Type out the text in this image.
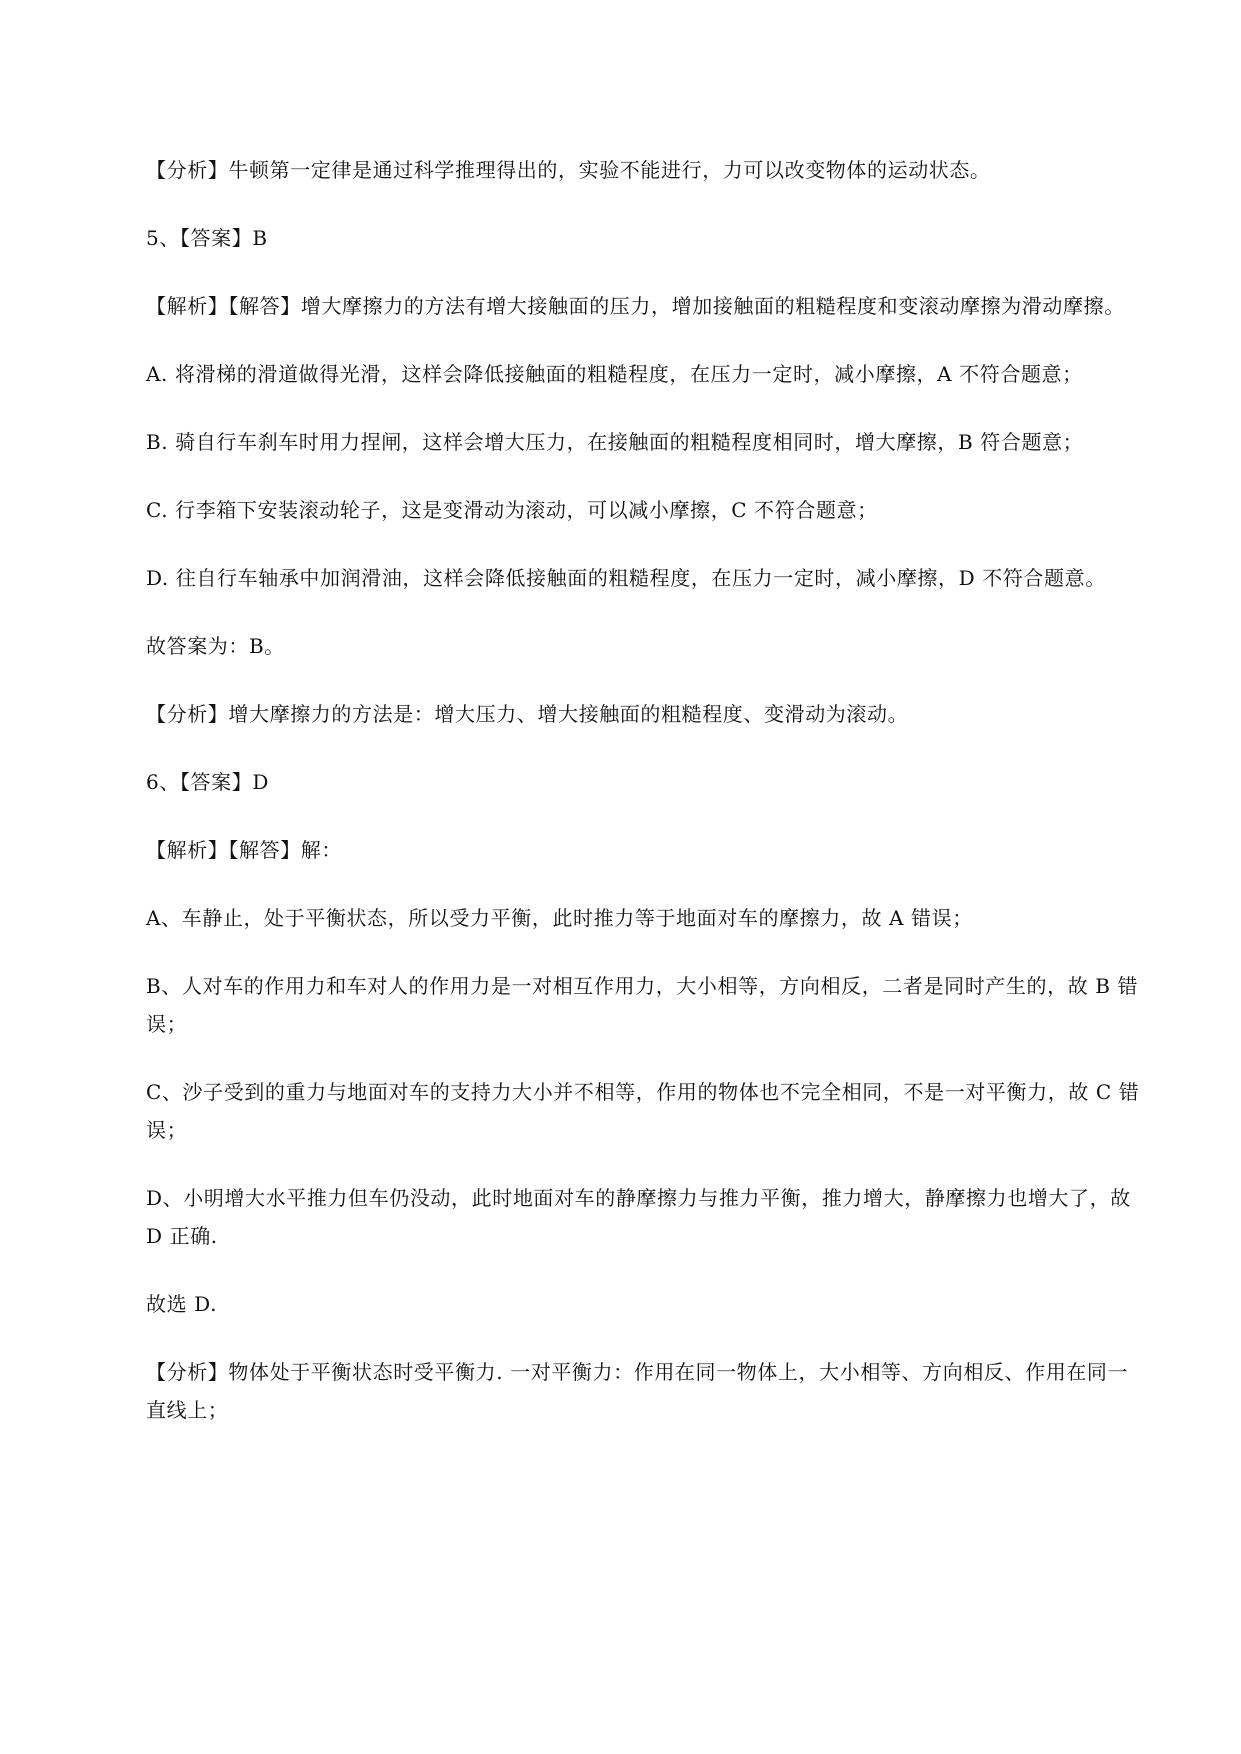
【分析】牛顿第一定律是通过科学推理得出的，实验不能进行，力可以改变物体的运动状态。

5、【答案】B

【解析】【解答】增大摩擦力的方法有增大接触面的压力，增加接触面的粗糙程度和变滚动摩擦为滑动摩擦。

A. 将滑梯的滑道做得光滑，这样会降低接触面的粗糙程度，在压力一定时，减小摩擦，A 不符合题意；

B. 骑自行车刹车时用力捏闸，这样会增大压力，在接触面的粗糙程度相同时，增大摩擦，B 符合题意；

C. 行李箱下安装滚动轮子，这是变滑动为滚动，可以减小摩擦，C 不符合题意；

D. 往自行车轴承中加润滑油，这样会降低接触面的粗糙程度，在压力一定时，减小摩擦，D 不符合题意。

故答案为：B。

【分析】增大摩擦力的方法是：增大压力、增大接触面的粗糙程度、变滑动为滚动。

6、【答案】D

【解析】【解答】解：

A、车静止，处于平衡状态，所以受力平衡，此时推力等于地面对车的摩擦力，故 A 错误；

B、人对车的作用力和车对人的作用力是一对相互作用力，大小相等，方向相反，二者是同时产生的，故 B 错误；

C、沙子受到的重力与地面对车的支持力大小并不相等，作用的物体也不完全相同，不是一对平衡力，故 C 错误；

D、小明增大水平推力但车仍没动，此时地面对车的静摩擦力与推力平衡，推力增大，静摩擦力也增大了，故 D 正确.

故选 D.

【分析】物体处于平衡状态时受平衡力. 一对平衡力：作用在同一物体上，大小相等、方向相反、作用在同一直线上；
